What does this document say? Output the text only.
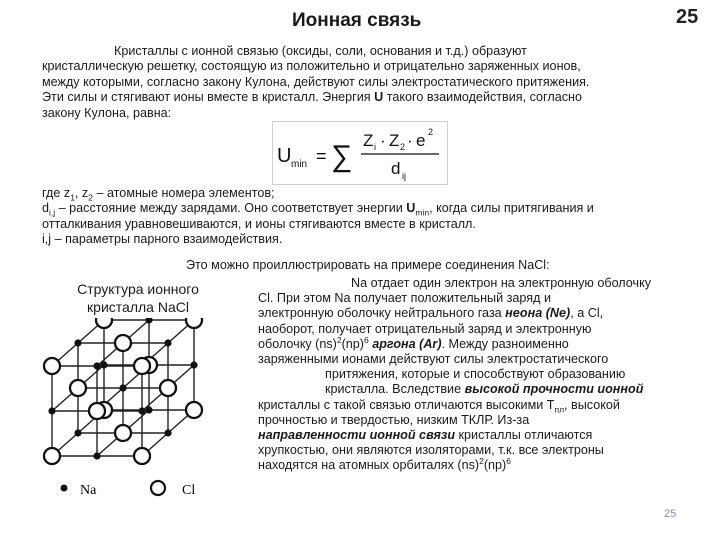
Ионная связь	25
Кристаллы с ионной связью (оксиды, соли, основания и т.д.) образуют
кристаллическую решетку, состоящую из положительно и отрицательно заряженных ионов,
между которыми, согласно закону Кулона, действуют силы электростатического притяжения.
Эти силы и стягивают ионы вместе в кристалл. Энергия U такого взаимодействия, согласно
закону Кулона, равна:
U min = ∑ Z i · Z 2 · e 2
d ij
где $z_1$, $z_2$ – атомные номера элементов;
$d_{i,j}$ – расстояние между зарядами. Оно соответствует энергии $U_{min}$, когда силы притягивания и
отталкивания уравновешиваются, и ионы стягиваются вместе в кристалл.
i,j – параметры парного взаимодействия.
Это можно проиллюстрировать на примере соединения NaCl:
Структура ионного
кристалла NaCl
Na	Cl
Na отдает один электрон на электронную оболочку
Cl. При этом Na получает положительный заряд и
электронную оболочку нейтрального газа неона (Ne), а Cl,
наоборот, получает отрицательный заряд и электронную
оболочку (ns)$^2$(np)$^6$ аргона (Ar). Между разноименно
заряженными ионами действуют силы электростатического
притяжения, которые и способствуют образованию
кристалла. Вследствие высокой прочности ионной
кристаллы с такой связью отличаются высокими $T_{пл}$, высокой
прочностью и твердостью, низким ТКЛР. Из-за
направленности ионной связи кристаллы отличаются
хрупкостью, они являются изоляторами, т.к. все электроны
находятся на атомных орбиталях (ns)$^2$(np)$^6$
25
